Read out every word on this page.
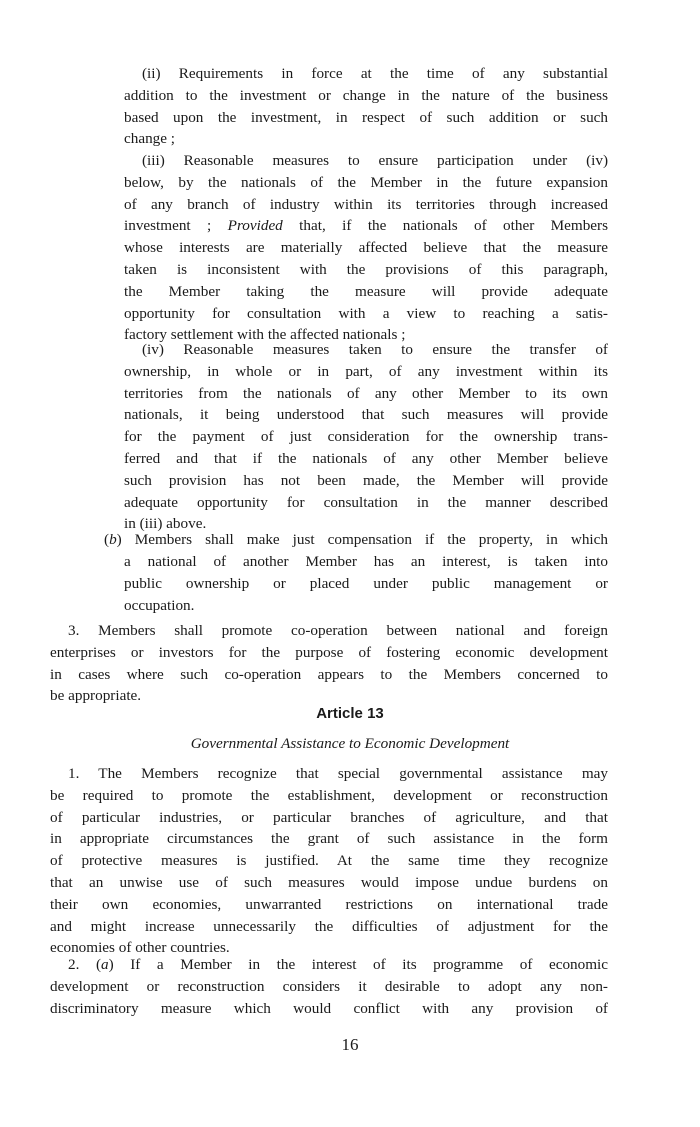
(ii) Requirements in force at the time of any substantial
addition to the investment or change in the nature of the business
based upon the investment, in respect of such addition or such
change ;
(iii) Reasonable measures to ensure participation under (iv)
below, by the nationals of the Member in the future expansion
of any branch of industry within its territories through increased
investment ; Provided that, if the nationals of other Members
whose interests are materially affected believe that the measure
taken is inconsistent with the provisions of this paragraph,
the Member taking the measure will provide adequate
opportunity for consultation with a view to reaching a satis-
factory settlement with the affected nationals ;
(iv) Reasonable measures taken to ensure the transfer of
ownership, in whole or in part, of any investment within its
territories from the nationals of any other Member to its own
nationals, it being understood that such measures will provide
for the payment of just consideration for the ownership trans-
ferred and that if the nationals of any other Member believe
such provision has not been made, the Member will provide
adequate opportunity for consultation in the manner described
in (iii) above.
(b) Members shall make just compensation if the property, in which
a national of another Member has an interest, is taken into
public ownership or placed under public management or
occupation.
3. Members shall promote co-operation between national and foreign
enterprises or investors for the purpose of fostering economic development
in cases where such co-operation appears to the Members concerned to
be appropriate.
Article 13
Governmental Assistance to Economic Development
1. The Members recognize that special governmental assistance may
be required to promote the establishment, development or reconstruction
of particular industries, or particular branches of agriculture, and that
in appropriate circumstances the grant of such assistance in the form
of protective measures is justified. At the same time they recognize
that an unwise use of such measures would impose undue burdens on
their own economies, unwarranted restrictions on international trade
and might increase unnecessarily the difficulties of adjustment for the
economies of other countries.
2. (a) If a Member in the interest of its programme of economic
development or reconstruction considers it desirable to adopt any non-
discriminatory measure which would conflict with any provision of
16
